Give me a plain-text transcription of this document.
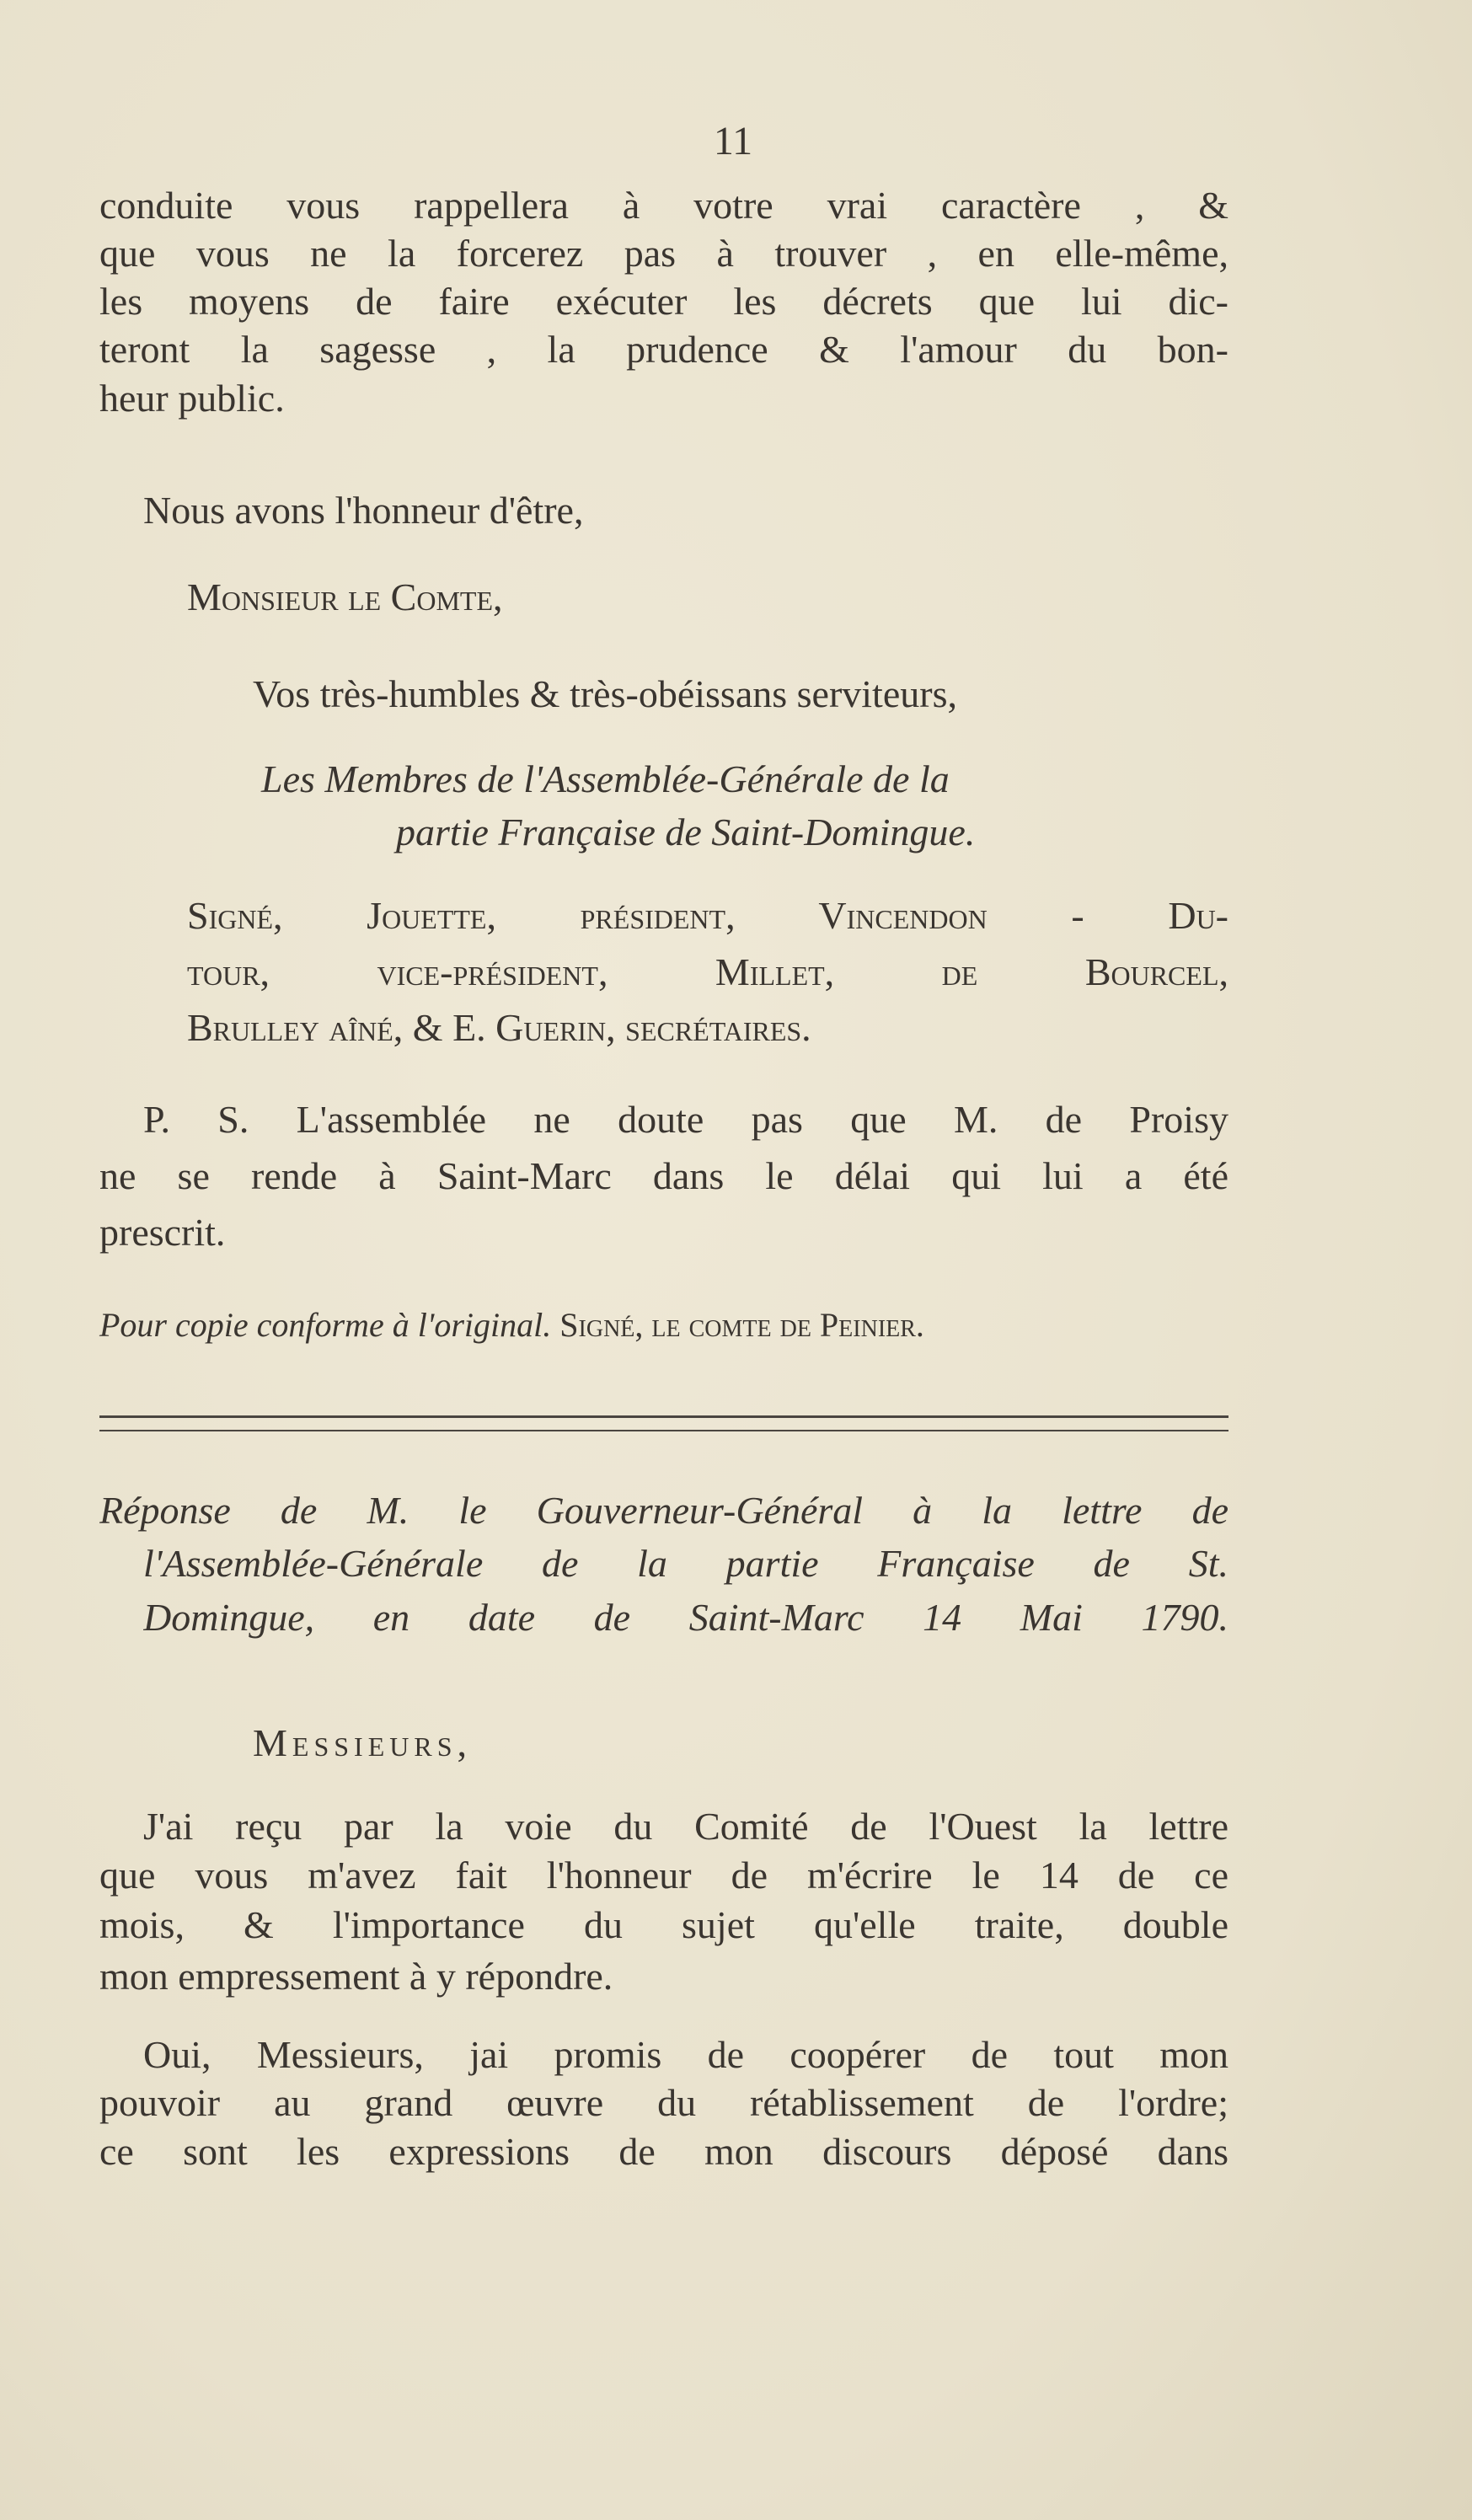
11
conduite vous rappellera à votre vrai caractère , &
que vous ne la forcerez pas à trouver , en elle-même,
les moyens de faire exécuter les décrets que lui dic-
teront la sagesse , la prudence & l'amour du bon-
heur public.
Nous avons l'honneur d'être,
Monsieur le Comte,
Vos très-humbles & très-obéissans serviteurs,
Les Membres de l'Assemblée-Générale de la
partie Française de Saint-Domingue.
Signé, Jouette, président, Vincendon - Du-
tour, vice-président, Millet, de Bourcel,
Brulley aîné, & E. Guerin, secrétaires.
P. S. L'assemblée ne doute pas que M. de Proisy
ne se rende à Saint-Marc dans le délai qui lui a été
prescrit.
Pour copie conforme à l'original. Signé, le comte de Peinier.
Réponse de M. le Gouverneur-Général à la lettre de
l'Assemblée-Générale de la partie Française de St.
Domingue, en date de Saint-Marc 14 Mai 1790.
Messieurs,
J'ai reçu par la voie du Comité de l'Ouest la lettre
que vous m'avez fait l'honneur de m'écrire le 14 de ce
mois, & l'importance du sujet qu'elle traite, double
mon empressement à y répondre.
Oui, Messieurs, jai promis de coopérer de tout mon
pouvoir au grand œuvre du rétablissement de l'ordre;
ce sont les expressions de mon discours déposé dans
